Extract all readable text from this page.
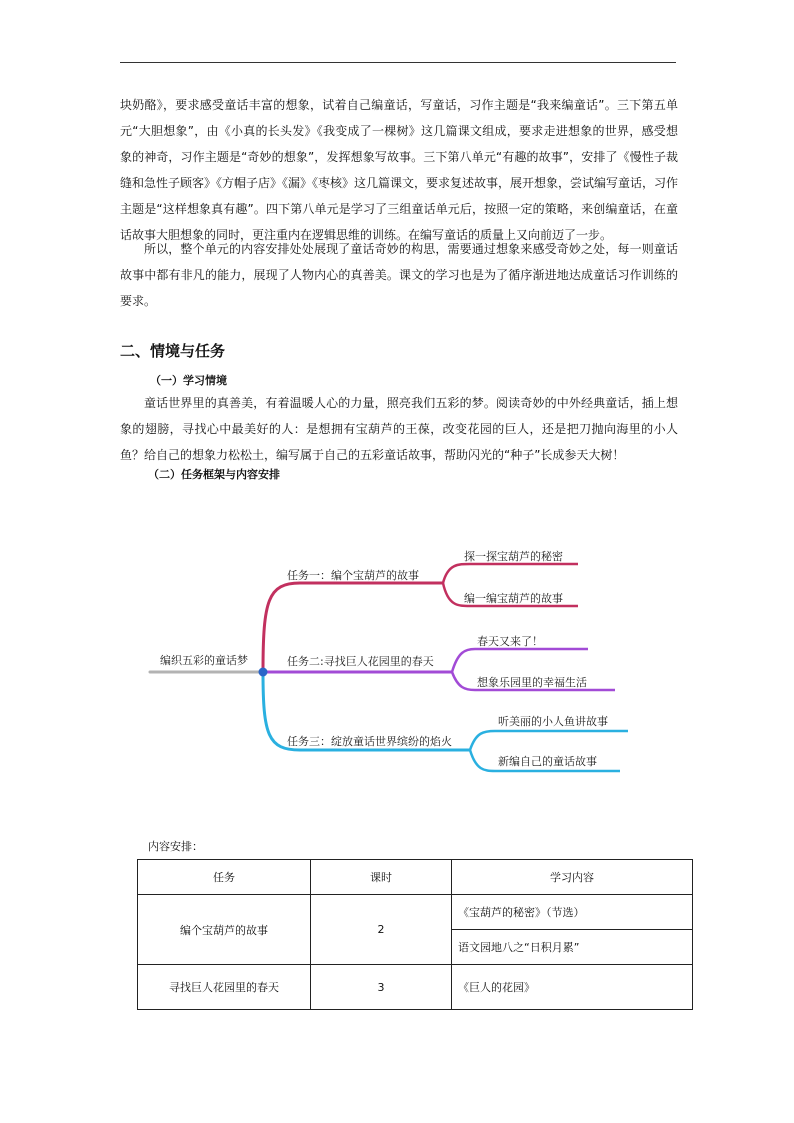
块奶酪》，要求感受童话丰富的想象，试着自己编童话，写童话，习作主题是“我来编童话”。三下第五单元“大胆想象”，由《小真的长头发》《我变成了一棵树》这几篇课文组成，要求走进想象的世界，感受想象的神奇，习作主题是“奇妙的想象”，发挥想象写故事。三下第八单元“有趣的故事”，安排了《慢性子裁缝和急性子顾客》《方帽子店》《漏》《枣核》这几篇课文，要求复述故事，展开想象，尝试编写童话，习作主题是“这样想象真有趣”。四下第八单元是学习了三组童话单元后，按照一定的策略，来创编童话，在童话故事大胆想象的同时，更注重内在逻辑思维的训练。在编写童话的质量上又向前迈了一步。

所以，整个单元的内容安排处处展现了童话奇妙的构思，需要通过想象来感受奇妙之处，每一则童话故事中都有非凡的能力，展现了人物内心的真善美。课文的学习也是为了循序渐进地达成童话习作训练的要求。

二、情境与任务
（一）学习情境

童话世界里的真善美，有着温暖人心的力量，照亮我们五彩的梦。阅读奇妙的中外经典童话，插上想象的翅膀，寻找心中最美好的人：是想拥有宝葫芦的王葆，改变花园的巨人，还是把刀抛向海里的小人鱼？给自己的想象力松松土，编写属于自己的五彩童话故事，帮助闪光的“种子”长成参天大树！

（二）任务框架与内容安排
编织五彩的童话梦
任务一：编个宝葫芦的故事
探一探宝葫芦的秘密
编一编宝葫芦的故事
任务二:寻找巨人花园里的春天
春天又来了！
想象乐园里的幸福生活
任务三：绽放童话世界缤纷的焰火
听美丽的小人鱼讲故事
新编自己的童话故事

内容安排：

任务	课时	学习内容
编个宝葫芦的故事	2	《宝葫芦的秘密》（节选）
		语文园地八之“日积月累”
寻找巨人花园里的春天	3	《巨人的花园》
